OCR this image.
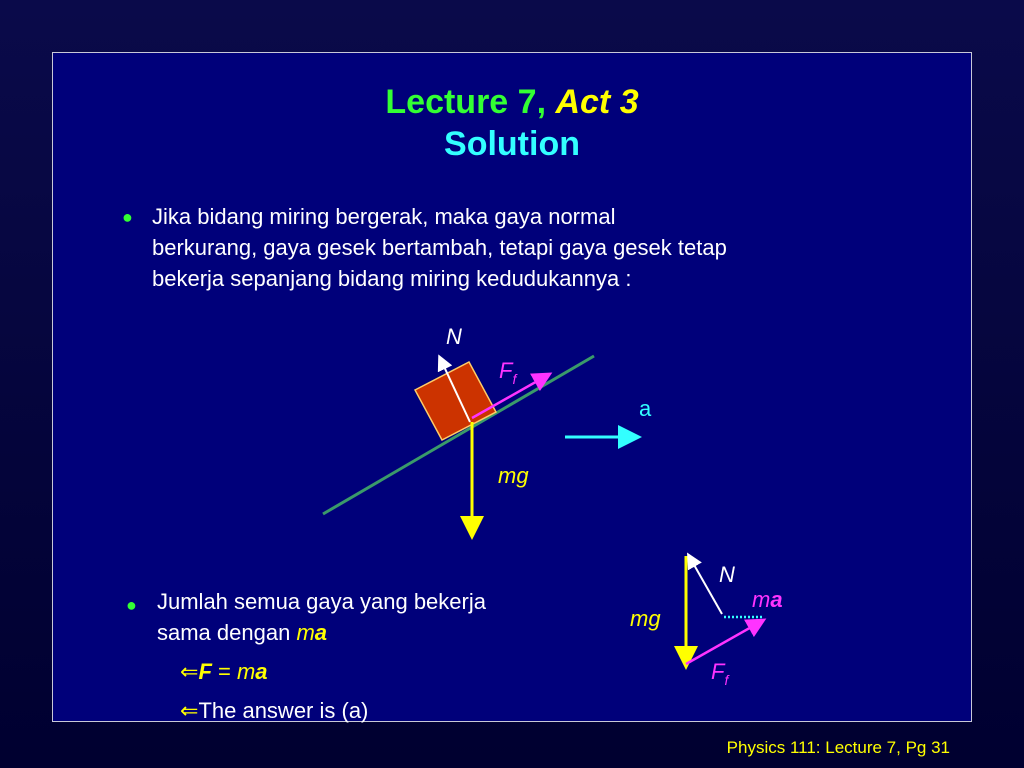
Lecture 7, Act 3
Solution
● Jika bidang miring bergerak, maka gaya normal
berkurang, gaya gesek bertambah, tetapi gaya gesek tetap
bekerja sepanjang bidang miring kedudukannya :
N
$F_f$
a
mg
● Jumlah semua gaya yang bekerja
sama dengan ma
⇐F = ma
⇐The answer is (a)
N
ma
mg
$F_f$
Physics 111: Lecture 7, Pg 31
